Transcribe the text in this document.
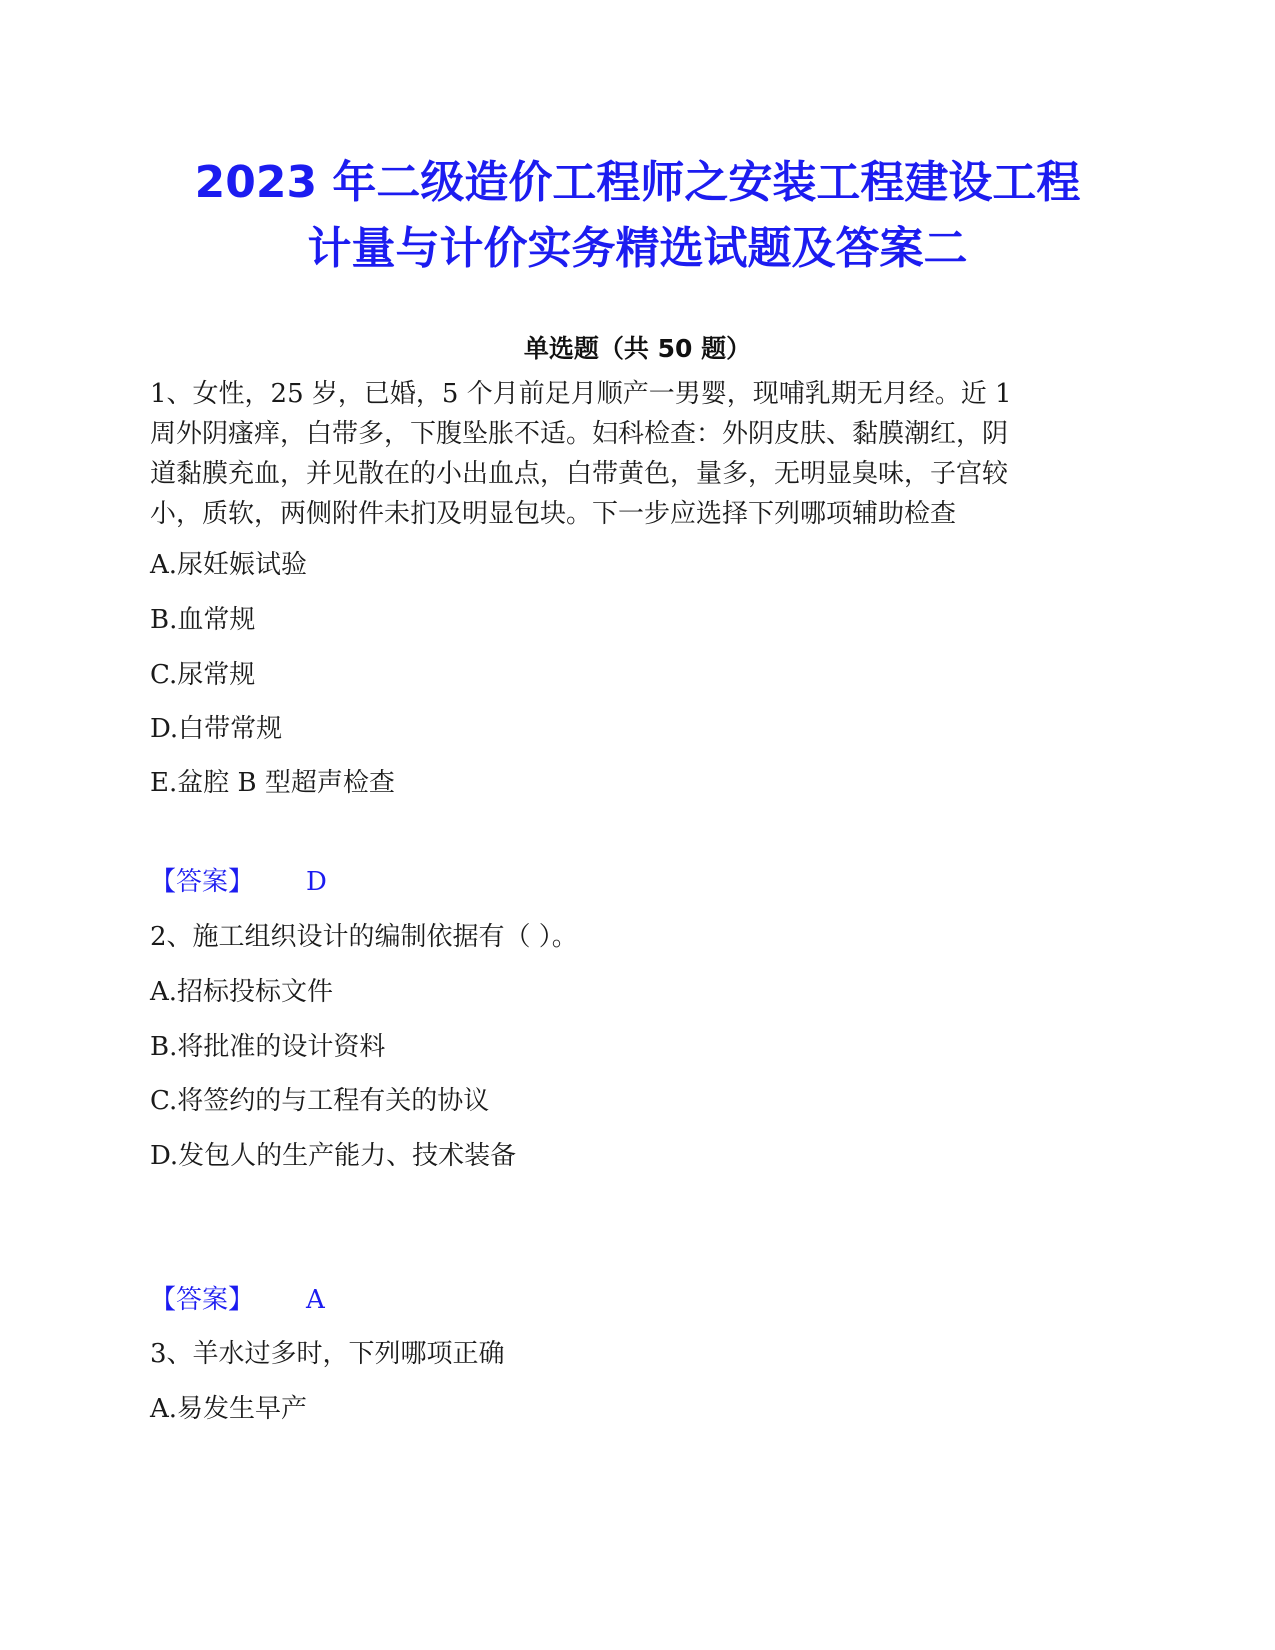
2023 年二级造价工程师之安装工程建设工程
计量与计价实务精选试题及答案二
单选题（共 50 题）
1、女性，25 岁，已婚，5 个月前足月顺产一男婴，现哺乳期无月经。近 1
周外阴瘙痒，白带多，下腹坠胀不适。妇科检查：外阴皮肤、黏膜潮红，阴
道黏膜充血，并见散在的小出血点，白带黄色，量多，无明显臭味，子宫较
小，质软，两侧附件未扪及明显包块。下一步应选择下列哪项辅助检查
A.尿妊娠试验
B.血常规
C.尿常规
D.白带常规
E.盆腔 B 型超声检查
【答案】 D
2、施工组织设计的编制依据有（ ）。
A.招标投标文件
B.将批准的设计资料
C.将签约的与工程有关的协议
D.发包人的生产能力、技术装备
【答案】 A
3、羊水过多时，下列哪项正确
A.易发生早产
